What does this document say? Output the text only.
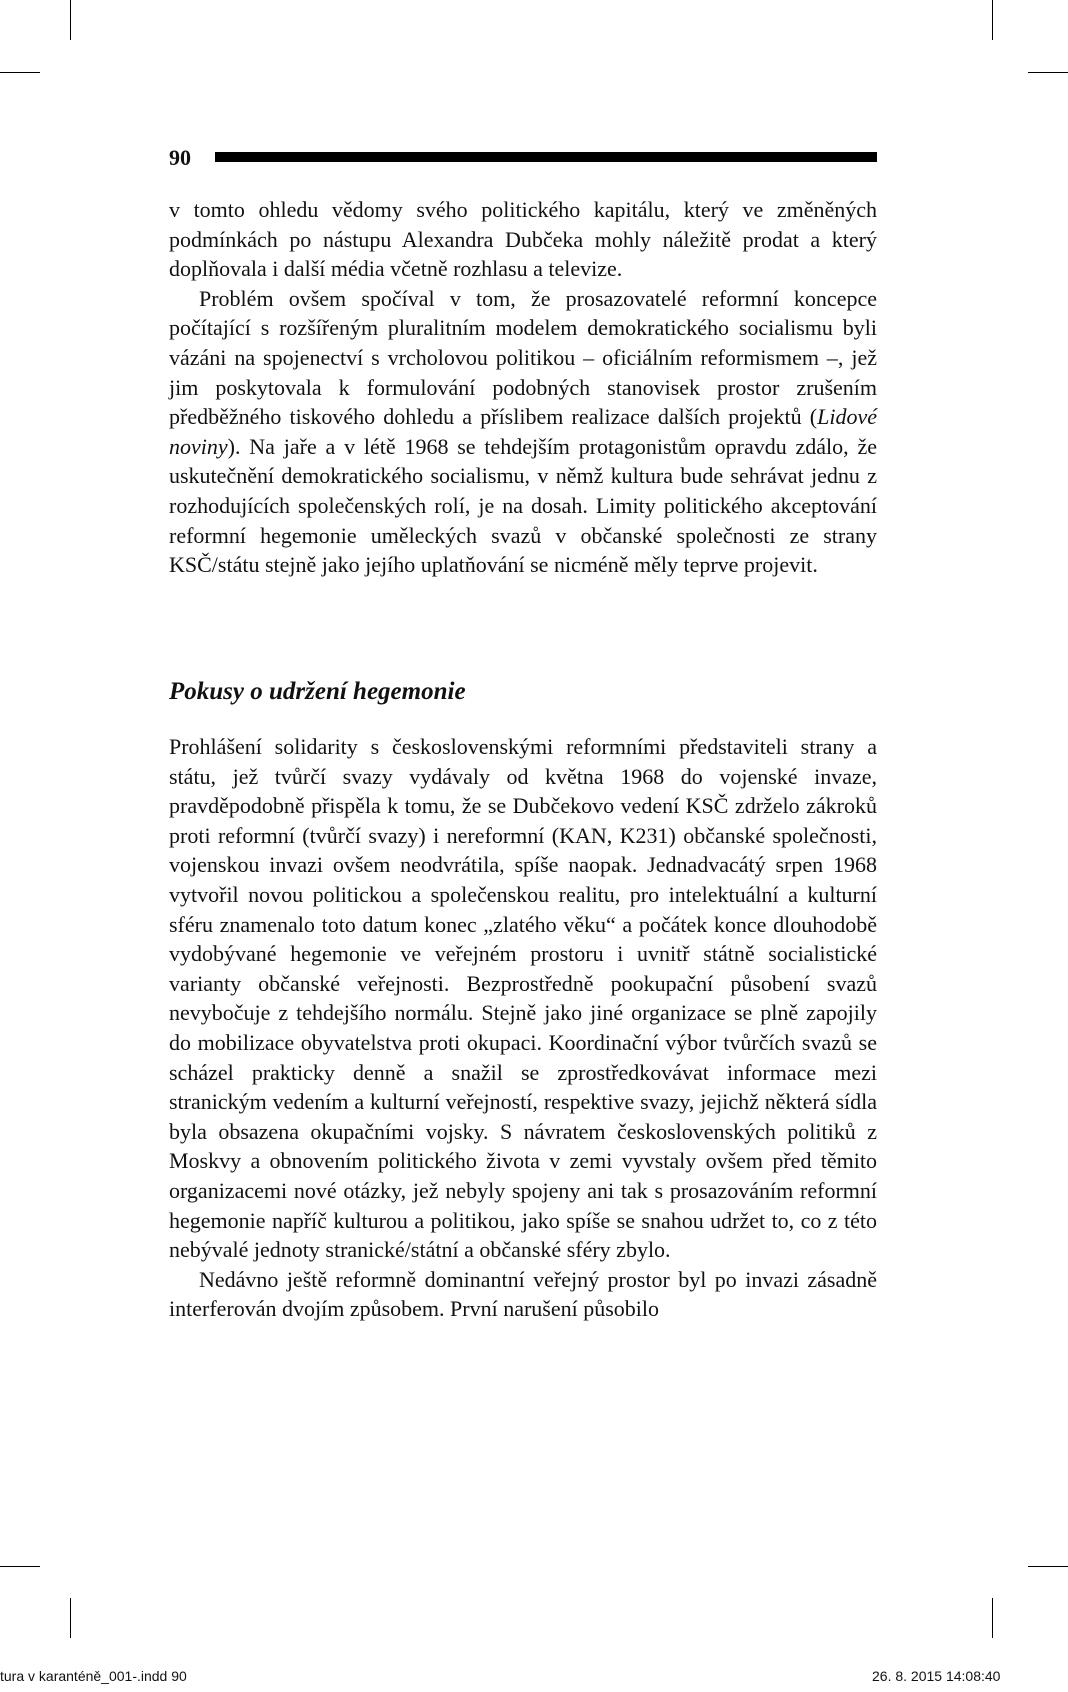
90

v tomto ohledu vědomy svého politického kapitálu, který ve změněných podmínkách po nástupu Alexandra Dubčeka mohly náležitě prodat a který doplňovala i další média včetně rozhlasu a televize.

Problém ovšem spočíval v tom, že prosazovatelé reformní koncepce počítající s rozšířeným pluralitním modelem demokratického socialismu byli vázáni na spojenectví s vrcholovou politikou – oficiálním reformismem –, jež jim poskytovala k formulování podobných stanovisek prostor zrušením předběžného tiskového dohledu a příslibem realizace dalších projektů (Lidové noviny). Na jaře a v létě 1968 se tehdejším protagonistům opravdu zdálo, že uskutečnění demokratického socialismu, v němž kultura bude sehrávat jednu z rozhodujících společenských rolí, je na dosah. Limity politického akceptování reformní hegemonie uměleckých svazů v občanské společnosti ze strany KSČ/státu stejně jako jejího uplatňování se nicméně měly teprve projevit.

Pokusy o udržení hegemonie

Prohlášení solidarity s československými reformními představiteli strany a státu, jež tvůrčí svazy vydávaly od května 1968 do vojenské invaze, pravděpodobně přispěla k tomu, že se Dubčekovo vedení KSČ zdrželo zákroků proti reformní (tvůrčí svazy) i nereformní (KAN, K231) občanské společnosti, vojenskou invazi ovšem neodvrátila, spíše naopak. Jednadvacátý srpen 1968 vytvořil novou politickou a společenskou realitu, pro intelektuální a kulturní sféru znamenalo toto datum konec „zlatého věku“ a počátek konce dlouhodobě vydobývané hegemonie ve veřejném prostoru i uvnitř státně socialistické varianty občanské veřejnosti. Bezprostředně pookupační působení svazů nevybočuje z tehdejšího normálu. Stejně jako jiné organizace se plně zapojily do mobilizace obyvatelstva proti okupaci. Koordinační výbor tvůrčích svazů se scházel prakticky denně a snažil se zprostředkovávat informace mezi stranickým vedením a kulturní veřejností, respektive svazy, jejichž některá sídla byla obsazena okupačními vojsky. S návratem československých politiků z Moskvy a obnovením politického života v zemi vyvstaly ovšem před těmito organizacemi nové otázky, jež nebyly spojeny ani tak s prosazováním reformní hegemonie napříč kulturou a politikou, jako spíše se snahou udržet to, co z této nebývalé jednoty stranické/státní a občanské sféry zbylo.

Nedávno ještě reformně dominantní veřejný prostor byl po invazi zásadně interferován dvojím způsobem. První narušení působilo

tura v karanténě_001-.indd 90	26. 8. 2015 14:08:40
